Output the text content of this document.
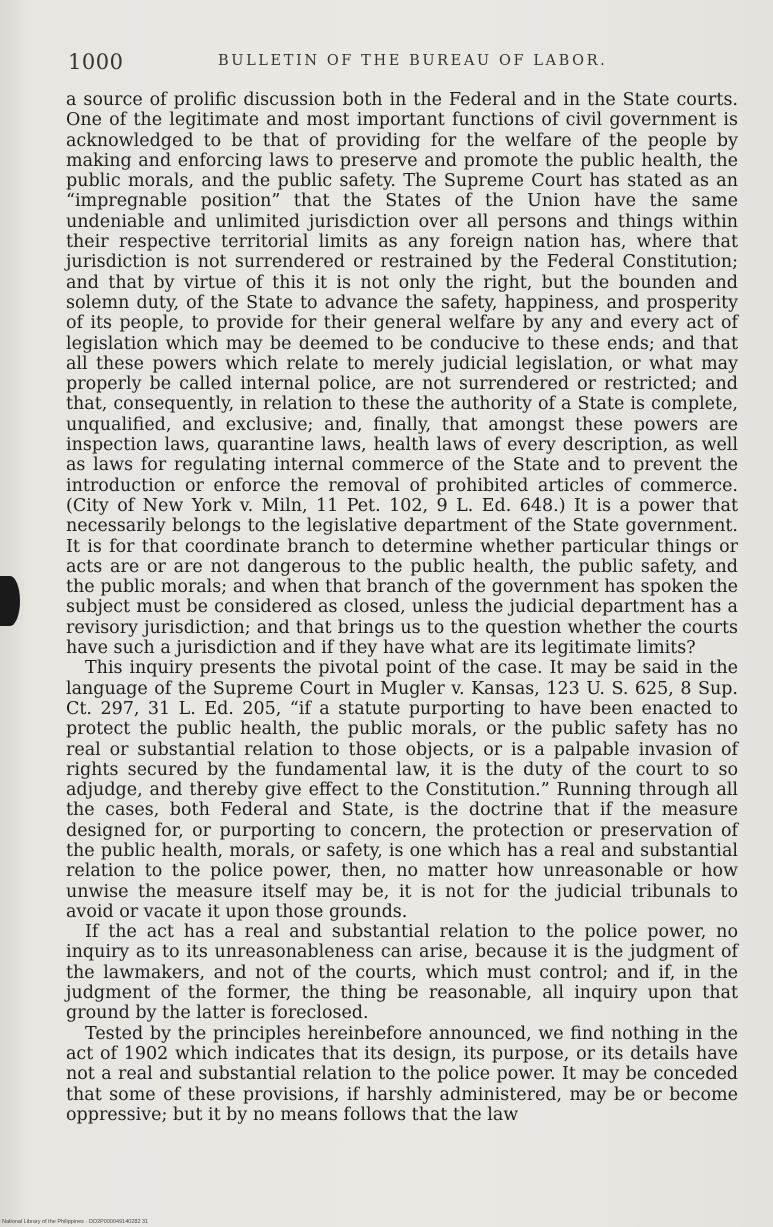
1000	BULLETIN OF THE BUREAU OF LABOR.

a source of prolific discussion both in the Federal and in the State courts. One of the legitimate and most important functions of civil government is acknowledged to be that of providing for the welfare of the people by making and enforcing laws to preserve and promote the public health, the public morals, and the public safety. The Supreme Court has stated as an “impregnable position” that the States of the Union have the same undeniable and unlimited jurisdiction over all persons and things within their respective territorial limits as any foreign nation has, where that jurisdiction is not surrendered or restrained by the Federal Constitution; and that by virtue of this it is not only the right, but the bounden and solemn duty, of the State to advance the safety, happiness, and prosperity of its people, to provide for their general welfare by any and every act of legislation which may be deemed to be conducive to these ends; and that all these powers which relate to merely judicial legislation, or what may properly be called internal police, are not surrendered or restricted; and that, consequently, in relation to these the authority of a State is complete, unqualified, and exclusive; and, finally, that amongst these powers are inspection laws, quarantine laws, health laws of every description, as well as laws for regulating internal commerce of the State and to prevent the introduction or enforce the removal of prohibited articles of commerce. (City of New York v. Miln, 11 Pet. 102, 9 L. Ed. 648.) It is a power that necessarily belongs to the legislative department of the State government. It is for that coordinate branch to determine whether particular things or acts are or are not dangerous to the public health, the public safety, and the public morals; and when that branch of the government has spoken the subject must be considered as closed, unless the judicial department has a revisory jurisdiction; and that brings us to the question whether the courts have such a jurisdiction and if they have what are its legitimate limits?

This inquiry presents the pivotal point of the case. It may be said in the language of the Supreme Court in Mugler v. Kansas, 123 U. S. 625, 8 Sup. Ct. 297, 31 L. Ed. 205, “if a statute purporting to have been enacted to protect the public health, the public morals, or the public safety has no real or substantial relation to those objects, or is a palpable invasion of rights secured by the fundamental law, it is the duty of the court to so adjudge, and thereby give effect to the Constitution.” Running through all the cases, both Federal and State, is the doctrine that if the measure designed for, or purporting to concern, the protection or preservation of the public health, morals, or safety, is one which has a real and substantial relation to the police power, then, no matter how unreasonable or how unwise the measure itself may be, it is not for the judicial tribunals to avoid or vacate it upon those grounds.

If the act has a real and substantial relation to the police power, no inquiry as to its unreasonableness can arise, because it is the judgment of the lawmakers, and not of the courts, which must control; and if, in the judgment of the former, the thing be reasonable, all inquiry upon that ground by the latter is foreclosed.

Tested by the principles hereinbefore announced, we find nothing in the act of 1902 which indicates that its design, its purpose, or its details have not a real and substantial relation to the police power. It may be conceded that some of these provisions, if harshly administered, may be or become oppressive; but it by no means follows that the law

National Library of the Philippines · DO2P000049140282 31
